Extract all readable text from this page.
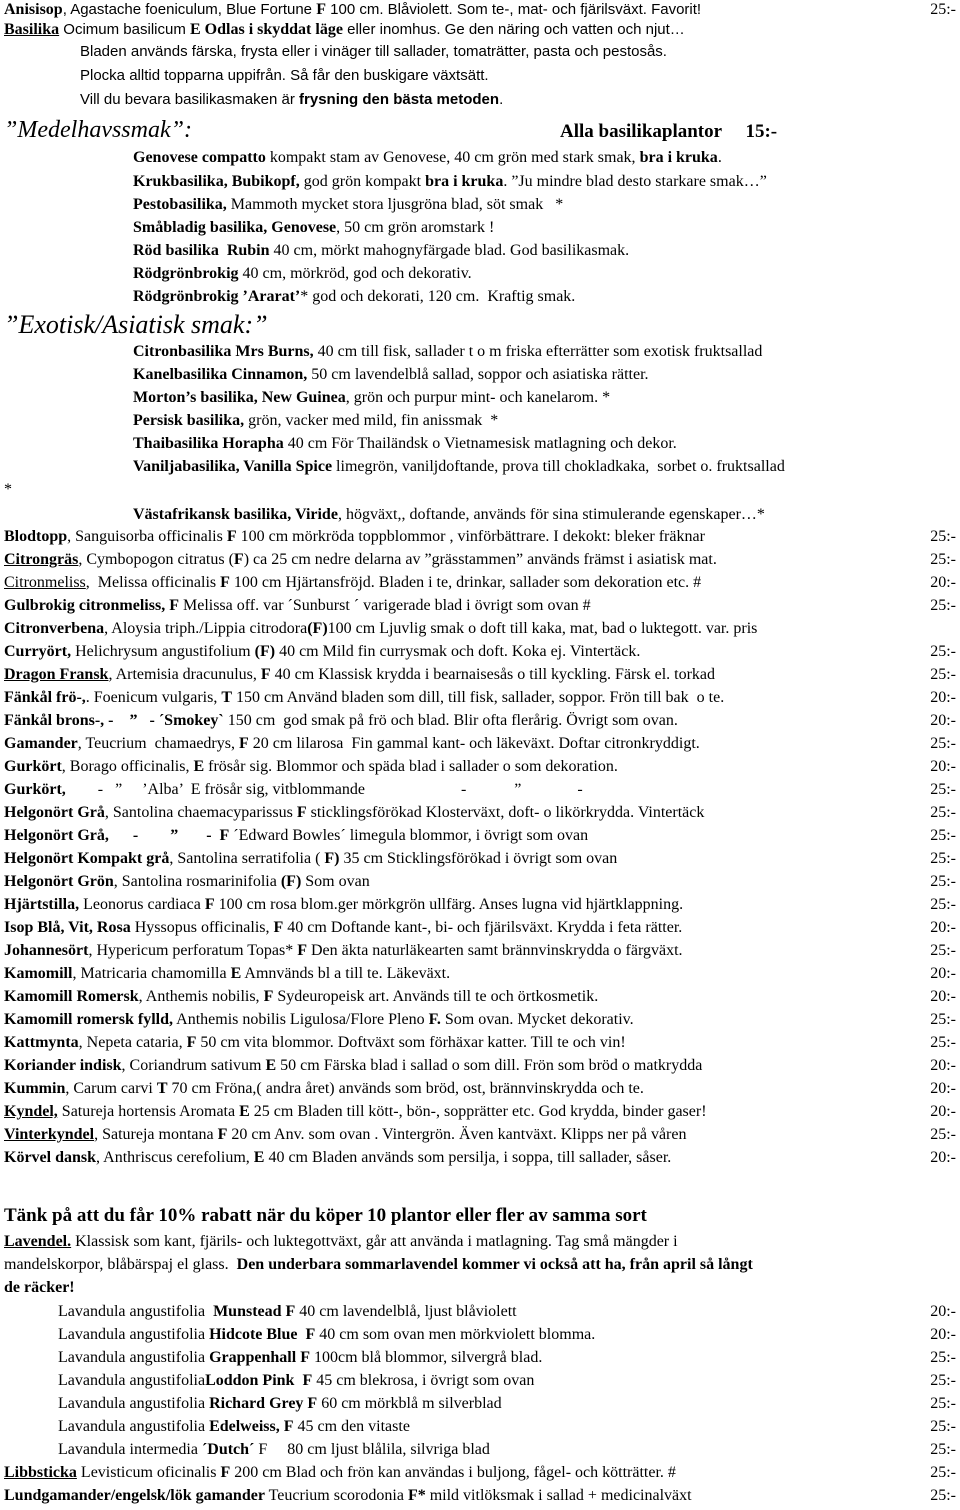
Anisisop, Agastache foeniculum, Blue Fortune F 100 cm. Blåviolett. Som te-, mat- och fjärilsväxt. Favorit!	25:-
Basilika Ocimum basilicum E Odlas i skyddat läge eller inomhus. Ge den näring och vatten och njut…
Bladen används färska, frysta eller i vinäger till sallader, tomaträtter, pasta och pestosås.
Plocka alltid topparna uppifrån. Så får den buskigare växtsätt.
Vill du bevara basilikasmaken är frysning den bästa metoden.
”Medelhavssmak”:	Alla basilikaplantor     15:-
Genovese compatto kompakt stam av Genovese, 40 cm grön med stark smak, bra i kruka.
Krukbasilika, Bubikopf, god grön kompakt bra i kruka. ”Ju mindre blad desto starkare smak…”
Pestobasilika, Mammoth mycket stora ljusgröna blad, söt smak   *
Småbladig basilika, Genovese, 50 cm grön aromstark !
Röd basilika  Rubin 40 cm, mörkt mahognyfärgade blad. God basilikasmak.
Rödgrönbrokig 40 cm, mörkröd, god och dekorativ.
Rödgrönbrokig ’Ararat’* god och dekorati, 120 cm.  Kraftig smak.
”Exotisk/Asiatisk smak:”
Citronbasilika Mrs Burns, 40 cm till fisk, sallader t o m friska efterrätter som exotisk fruktsallad
Kanelbasilika Cinnamon, 50 cm lavendelblå sallad, soppor och asiatiska rätter.
Morton’s basilika, New Guinea, grön och purpur mint- och kanelarom. *
Persisk basilika, grön, vacker med mild, fin anissmak  *
Thaibasilika Horapha 40 cm För Thailändsk o Vietnamesisk matlagning och dekor.
Vaniljabasilika, Vanilla Spice limegrön, vaniljdoftande, prova till chokladkaka,  sorbet o. fruktsallad
*
Västafrikansk basilika, Viride, högväxt,, doftande, används för sina stimulerande egenskaper…*
Blodtopp, Sanguisorba officinalis F 100 cm mörkröda toppblommor , vinförbättrare. I dekokt: bleker fräknar	25:-
Citrongräs, Cymbopogon citratus (F) ca 25 cm nedre delarna av ”grässtammen” används främst i asiatisk mat.	25:-
Citronmeliss,  Melissa officinalis F 100 cm Hjärtansfröjd. Bladen i te, drinkar, sallader som dekoration etc. #	20:-
Gulbrokig citronmeliss, F Melissa off. var ´Sunburst ´ varigerade blad i övrigt som ovan #	25:-
Citronverbena, Aloysia triph./Lippia citrodora(F)100 cm Ljuvlig smak o doft till kaka, mat, bad o luktegott. var. pris
Curryört, Helichrysum angustifolium (F) 40 cm Mild fin currysmak och doft. Koka ej. Vintertäck.	25:-
Dragon Fransk, Artemisia dracunulus, F 40 cm Klassisk krydda i bearnaisesås o till kyckling. Färsk el. torkad	25:-
Fänkål frö-,. Foenicum vulgaris, T 150 cm Använd bladen som dill, till fisk, sallader, soppor. Frön till bak  o te.	20:-
Fänkål brons-, -    ”   - ´Smokey` 150 cm  god smak på frö och blad. Blir ofta flerårig. Övrigt som ovan.	20:-
Gamander, Teucrium  chamaedrys, F 20 cm lilarosa  Fin gammal kant- och läkeväxt. Doftar citronkryddigt.	25:-
Gurkört, Borago officinalis, E frösår sig. Blommor och späda blad i sallader o som dekoration.	20:-
Gurkört,        -   ”     ’Alba’  E frösår sig, vitblommande                        -            ”              -	25:-
Helgonört Grå, Santolina chaemacyparissus F sticklingsförökad Klosterväxt, doft- o likörkrydda. Vintertäck	25:-
Helgonört Grå,      -        ”       -  F ´Edward Bowles´ limegula blommor, i övrigt som ovan	25:-
Helgonört Kompakt grå, Santolina serratifolia ( F) 35 cm Sticklingsförökad i övrigt som ovan	25:-
Helgonört Grön, Santolina rosmarinifolia (F) Som ovan	25:-
Hjärtstilla, Leonorus cardiaca F 100 cm rosa blom.ger mörkgrön ullfärg. Anses lugna vid hjärtklappning.	25:-
Isop Blå, Vit, Rosa Hyssopus officinalis, F 40 cm Doftande kant-, bi- och fjärilsväxt. Krydda i feta rätter.	20:-
Johannesört, Hypericum perforatum Topas* F Den äkta naturläkearten samt brännvinskrydda o färgväxt.	25:-
Kamomill, Matricaria chamomilla E Amnvänds bl a till te. Läkeväxt.	20:-
Kamomill Romersk, Anthemis nobilis, F Sydeuropeisk art. Används till te och örtkosmetik.	20:-
Kamomill romersk fylld, Anthemis nobilis Ligulosa/Flore Pleno F. Som ovan. Mycket dekorativ.	25:-
Kattmynta, Nepeta cataria, F 50 cm vita blommor. Doftväxt som förhäxar katter. Till te och vin!	25:-
Koriander indisk, Coriandrum sativum E 50 cm Färska blad i sallad o som dill. Frön som bröd o matkrydda	20:-
Kummin, Carum carvi T 70 cm Fröna,( andra året) används som bröd, ost, brännvinskrydda och te.	20:-
Kyndel, Satureja hortensis Aromata E 25 cm Bladen till kött-, bön-, sopprätter etc. God krydda, binder gaser!	20:-
Vinterkyndel, Satureja montana F 20 cm Anv. som ovan . Vintergrön. Även kantväxt. Klipps ner på våren	25:-
Körvel dansk, Anthriscus cerefolium, E 40 cm Bladen används som persilja, i soppa, till sallader, såser.	20:-
Tänk på att du får 10% rabatt när du köper 10 plantor eller fler av samma sort
Lavendel. Klassisk som kant, fjärils- och luktegottväxt, går att använda i matlagning. Tag små mängder i
mandelskorpor, blåbärspaj el glass.  Den underbara sommarlavendel kommer vi också att ha, från april så långt
de räcker!
Lavandula angustifolia  Munstead F 40 cm lavendelblå, ljust blåviolett	20:-
Lavandula angustifolia Hidcote Blue  F 40 cm som ovan men mörkviolett blomma.	20:-
Lavandula angustifolia Grappenhall F 100cm blå blommor, silvergrå blad.	25:-
Lavandula angustifoliaLoddon Pink  F 45 cm blekrosa, i övrigt som ovan	25:-
Lavandula angustifolia Richard Grey F 60 cm mörkblå m silverblad	25:-
Lavandula angustifolia Edelweiss, F 45 cm den vitaste	25:-
Lavandula intermedia ´Dutch´ F     80 cm ljust blålila, silvriga blad	25:-
Libbsticka Levisticum oficinalis F 200 cm Blad och frön kan användas i buljong, fågel- och kötträtter. #	25:-
Lundgamander/engelsk/lök gamander Teucrium scorodonia F* mild vitlöksmak i sallad + medicinalväxt	25:-
